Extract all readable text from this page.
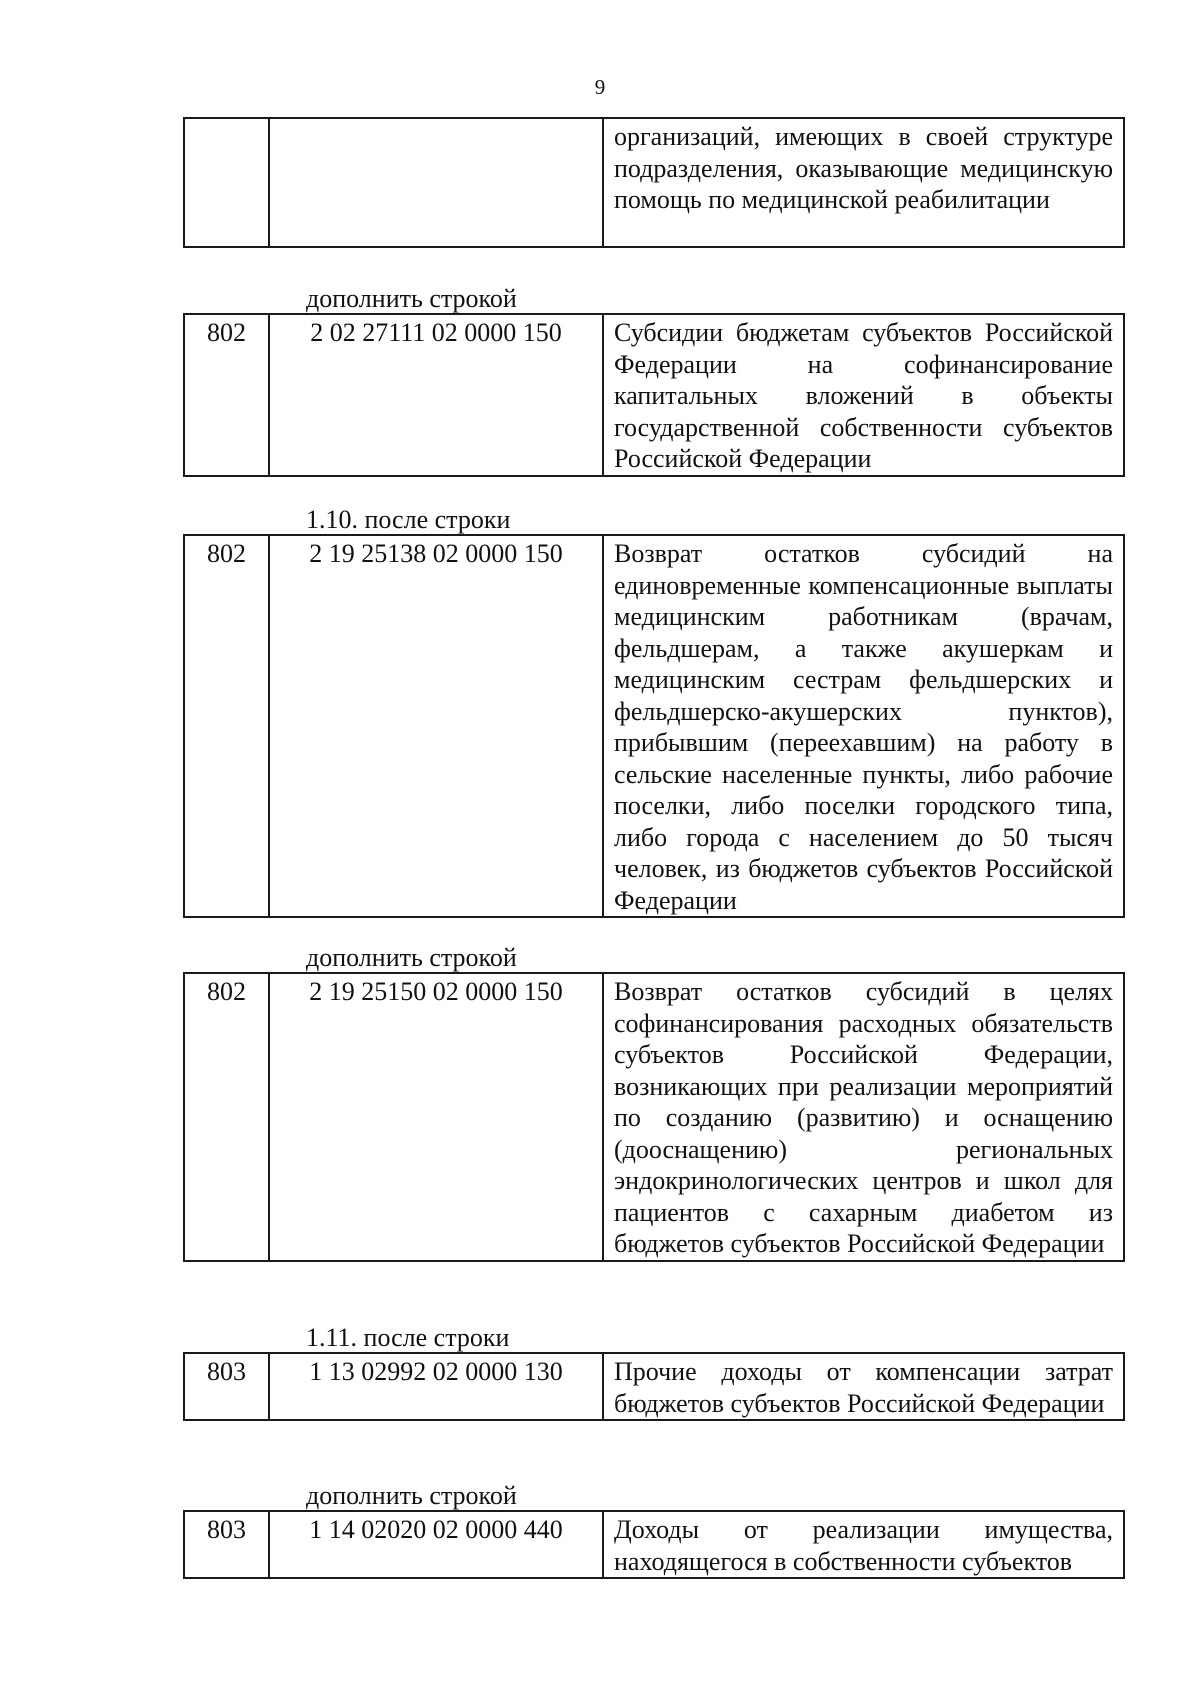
9
		организаций, имеющих в своей структуре подразделения, оказывающие медицинскую помощь по медицинской реабилитации
дополнить строкой
802	2 02 27111 02 0000 150	Субсидии бюджетам субъектов Российской Федерации на софинансирование капитальных вложений в объекты государственной собственности субъектов Российской Федерации
1.10. после строки
802	2 19 25138 02 0000 150	Возврат остатков субсидий на единовременные компенсационные выплаты медицинским работникам (врачам, фельдшерам, а также акушеркам и медицинским сестрам фельдшерских и фельдшерско-акушерских пунктов), прибывшим (переехавшим) на работу в сельские населенные пункты, либо рабочие поселки, либо поселки городского типа, либо города с населением до 50 тысяч человек, из бюджетов субъектов Российской Федерации
дополнить строкой
802	2 19 25150 02 0000 150	Возврат остатков субсидий в целях софинансирования расходных обязательств субъектов Российской Федерации, возникающих при реализации мероприятий по созданию (развитию) и оснащению (дооснащению) региональных эндокринологических центров и школ для пациентов с сахарным диабетом из бюджетов субъектов Российской Федерации
1.11. после строки
803	1 13 02992 02 0000 130	Прочие доходы от компенсации затрат бюджетов субъектов Российской Федерации
дополнить строкой
803	1 14 02020 02 0000 440	Доходы от реализации имущества, находящегося в собственности субъектов
